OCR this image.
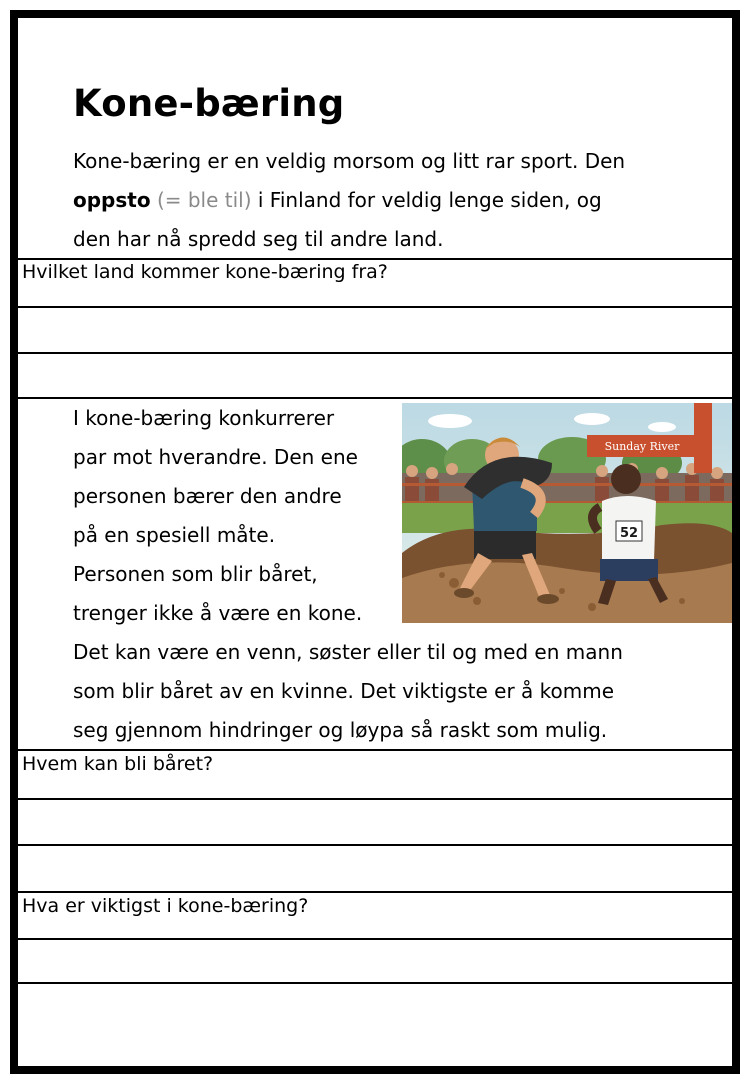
Kone-bæring

Kone-bæring er en veldig morsom og litt rar sport. Den
oppsto (= ble til) i Finland for veldig lenge siden, og
den har nå spredd seg til andre land.

Hvilket land kommer kone-bæring fra?

I kone-bæring konkurrerer
par mot hverandre. Den ene
personen bærer den andre
på en spesiell måte.
Personen som blir båret,
trenger ikke å være en kone.
Det kan være en venn, søster eller til og med en mann
som blir båret av en kvinne. Det viktigste er å komme
seg gjennom hindringer og løypa så raskt som mulig.

Sunday River
52

Hvem kan bli båret?

Hva er viktigst i kone-bæring?
